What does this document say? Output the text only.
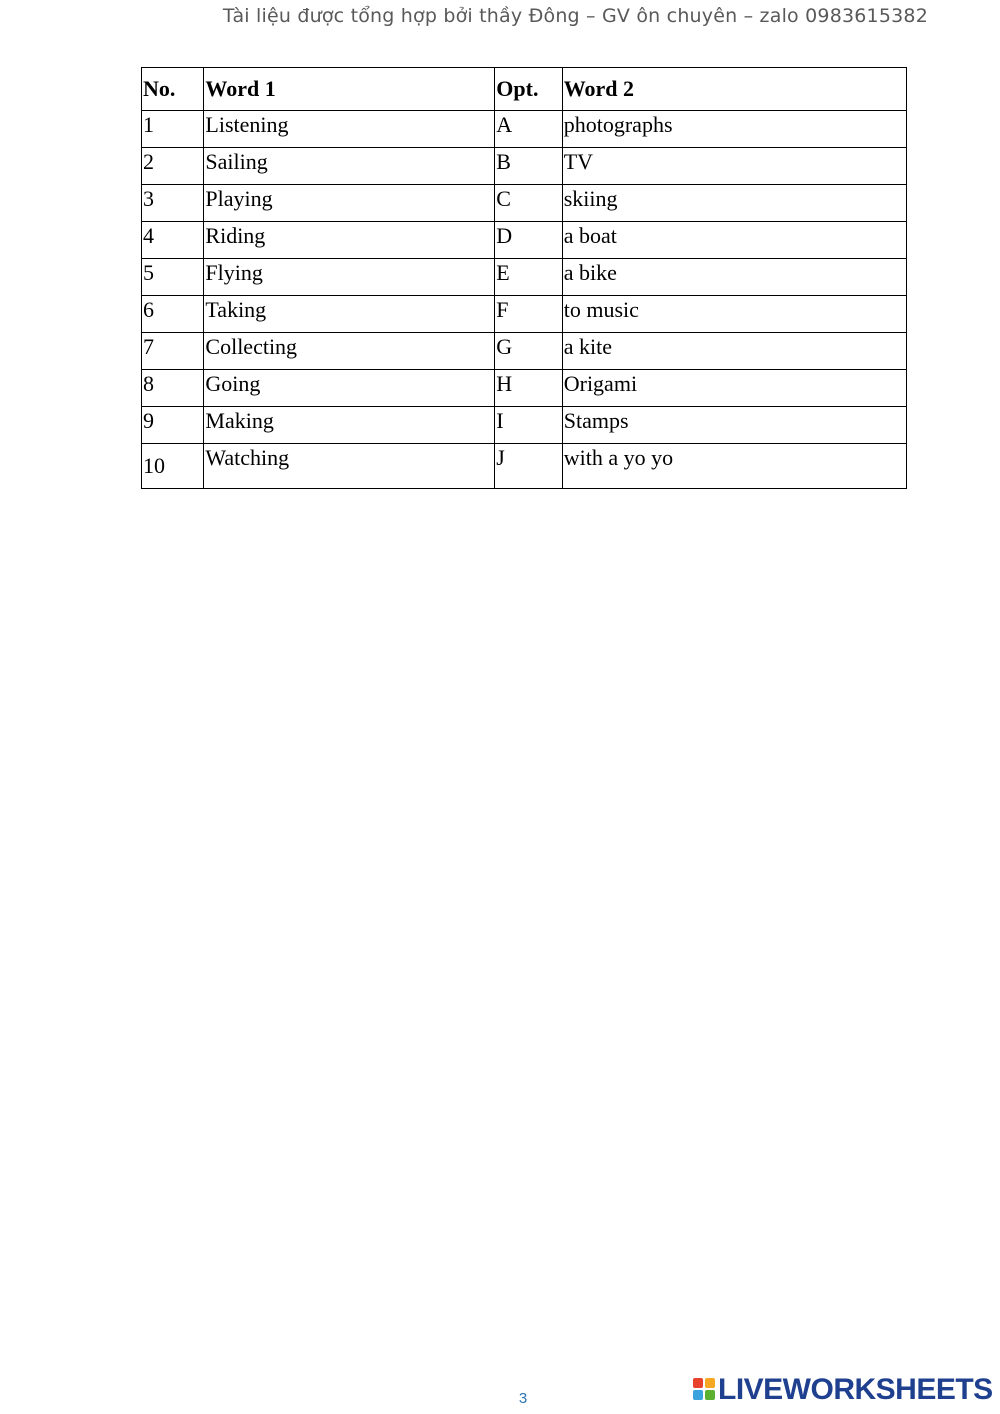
Tài liệu được tổng hợp bởi thầy Đông – GV ôn chuyên – zalo 0983615382
No.	Word 1	Opt.	Word 2
1	Listening	A	photographs
2	Sailing	B	TV
3	Playing	C	skiing
4	Riding	D	a boat
5	Flying	E	a bike
6	Taking	F	to music
7	Collecting	G	a kite
8	Going	H	Origami
9	Making	I	Stamps
10	Watching	J	with a yo yo
3	LIVEWORKSHEETS
